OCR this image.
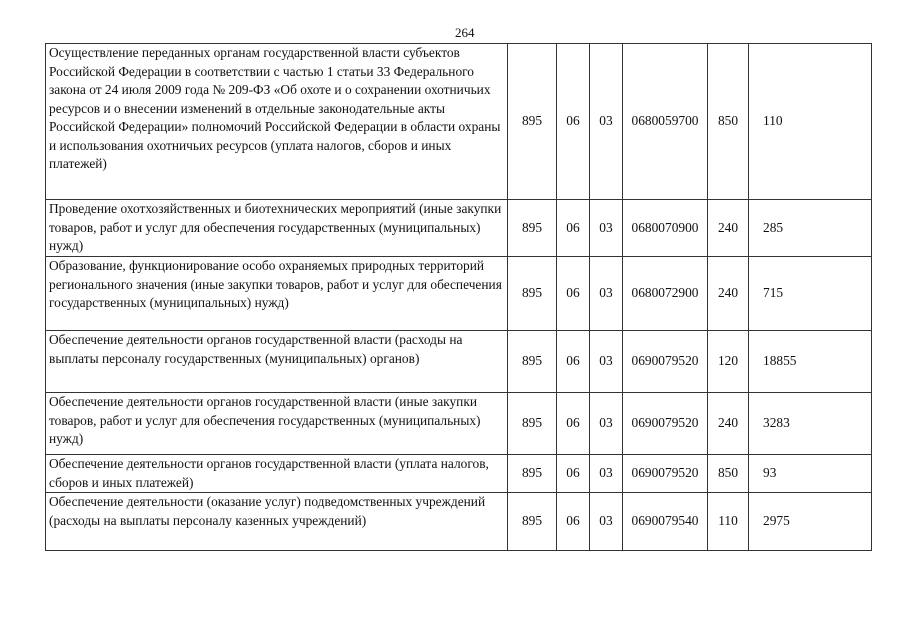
264
Осуществление переданных органам государственной власти субъектов Российской Федерации в соответствии с частью 1 статьи 33 Федерального закона от 24 июля 2009 года № 209-ФЗ «Об охоте и о сохранении охотничьих ресурсов и о внесении изменений в отдельные законодательные акты Российской Федерации» полномочий Российской Федерации в области охраны и использования охотничьих ресурсов (уплата налогов, сборов и иных платежей)	895	06	03	0680059700	850	110
Проведение охотхозяйственных и биотехнических мероприятий (иные закупки товаров, работ и услуг для обеспечения государственных (муниципальных) нужд)	895	06	03	0680070900	240	285
Образование, функционирование особо охраняемых природных территорий регионального значения (иные закупки товаров, работ и услуг для обеспечения государственных (муниципальных) нужд)	895	06	03	0680072900	240	715
Обеспечение деятельности органов государственной власти (расходы на выплаты персоналу государственных (муниципальных) органов)	895	06	03	0690079520	120	18855
Обеспечение деятельности органов государственной власти (иные закупки товаров, работ и услуг для обеспечения государственных (муниципальных) нужд)	895	06	03	0690079520	240	3283
Обеспечение деятельности органов государственной власти (уплата налогов, сборов и иных платежей)	895	06	03	0690079520	850	93
Обеспечение деятельности (оказание услуг) подведомственных учреждений (расходы на выплаты персоналу казенных учреждений)	895	06	03	0690079540	110	2975
